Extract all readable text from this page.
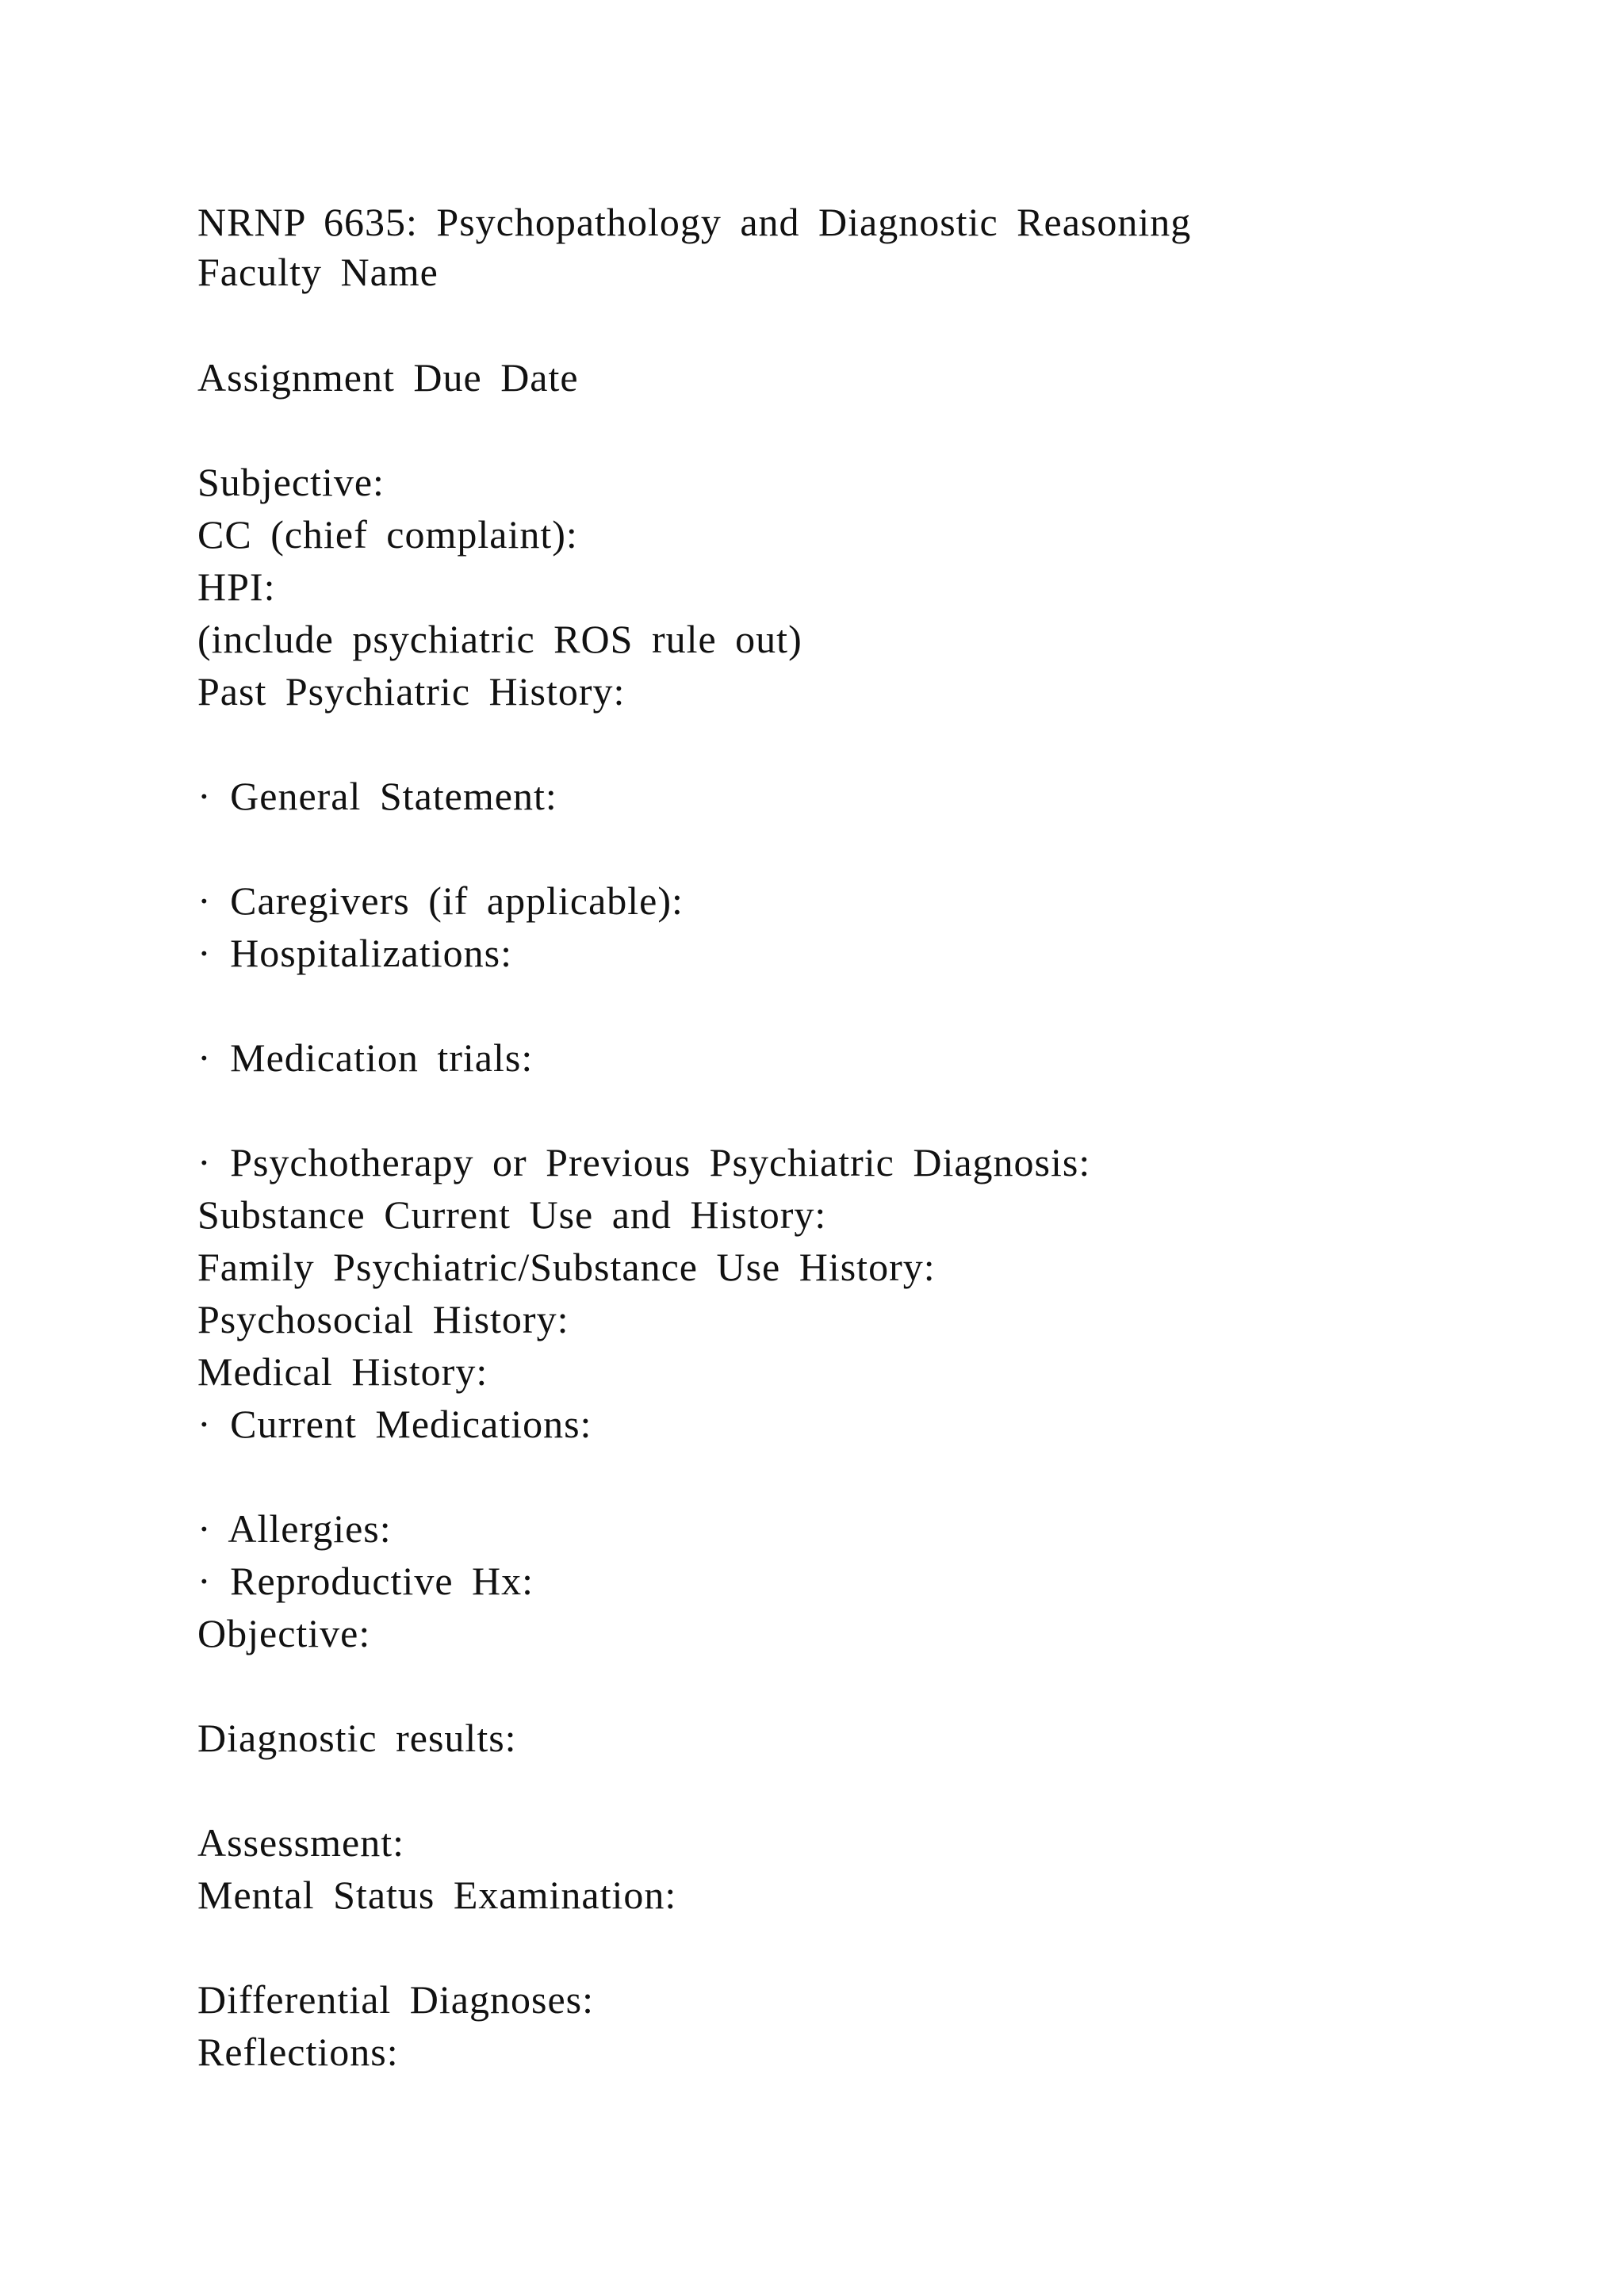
NRNP 6635: Psychopathology and Diagnostic Reasoning

Faculty Name

Assignment Due Date

Subjective:

CC (chief complaint):

HPI:

(include psychiatric ROS rule out)

Past Psychiatric History:

· General Statement:

· Caregivers (if applicable):

· Hospitalizations:

· Medication trials:

· Psychotherapy or Previous Psychiatric Diagnosis:

Substance Current Use and History:

Family Psychiatric/Substance Use History:

Psychosocial History:

Medical History:

· Current Medications:

· Allergies:

· Reproductive Hx:

Objective:

Diagnostic results:

Assessment:

Mental Status Examination:

Differential Diagnoses:

Reflections:
